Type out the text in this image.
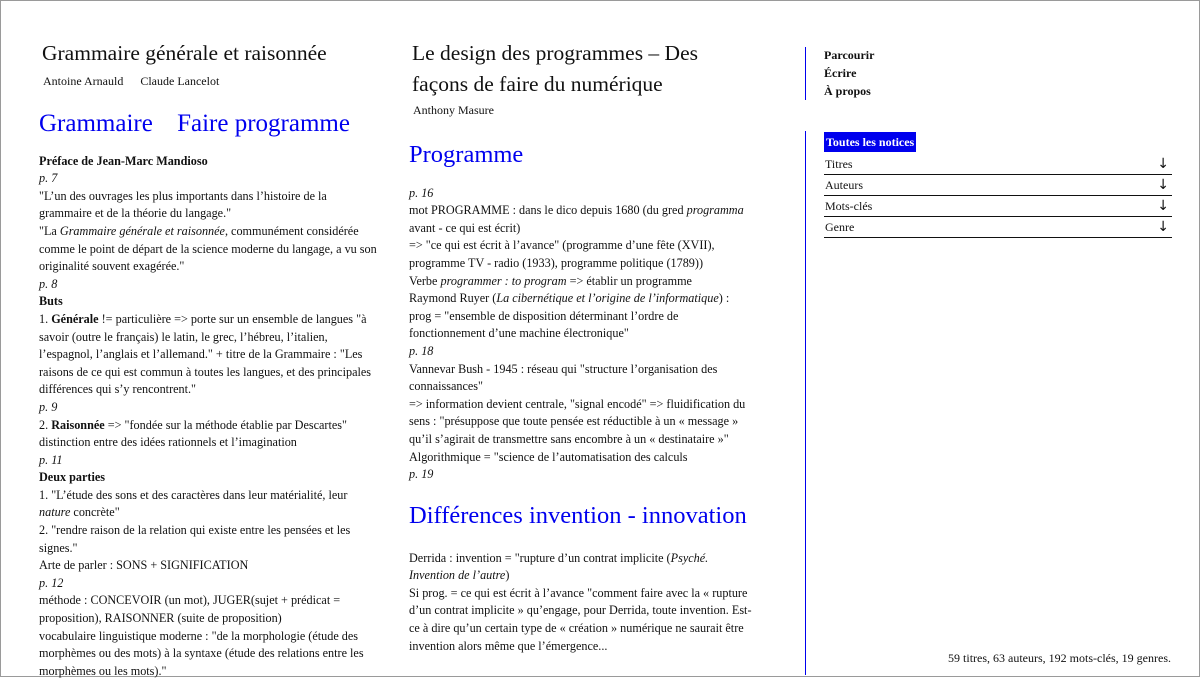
Grammaire générale et raisonnée
Antoine Arnauld Claude Lancelot
Grammaire Faire programme

Préface de Jean-Marc Mandioso

p. 7

"L’un des ouvrages les plus importants dans l’histoire de la grammaire et de la théorie du langage."

"La Grammaire générale et raisonnée, communément considérée comme le point de départ de la science moderne du langage, a vu son originalité souvent exagérée."

p. 8

Buts

1. Générale != particulière => porte sur un ensemble de langues "à savoir (outre le français) le latin, le grec, l’hébreu, l’italien, l’espagnol, l’anglais et l’allemand." + titre de la Grammaire : "Les raisons de ce qui est commun à toutes les langues, et des principales différences qui s’y rencontrent."

p. 9

2. Raisonnée => "fondée sur la méthode établie par Descartes"

distinction entre des idées rationnels et l’imagination

p. 11

Deux parties

1. "L’étude des sons et des caractères dans leur matérialité, leur nature concrète"

2. "rendre raison de la relation qui existe entre les pensées et les signes."

Arte de parler : SONS + SIGNIFICATION

p. 12

méthode : CONCEVOIR (un mot), JUGER(sujet + prédicat = proposition), RAISONNER (suite de proposition)

vocabulaire linguistique moderne : "de la morphologie (étude des morphèmes ou des mots) à la syntaxe (étude des relations entre les morphèmes ou les mots)."

Le design des programmes – Des façons de faire du numérique
Anthony Masure
Programme

p. 16

mot PROGRAMME : dans le dico depuis 1680 (du gred programma avant - ce qui est écrit)

=> "ce qui est écrit à l’avance" (programme d’une fête (XVII), programme TV - radio (1933), programme politique (1789))

Verbe programmer : to program => établir un programme

Raymond Ruyer (La cibernétique et l’origine de l’informatique) :

prog = "ensemble de disposition déterminant l’ordre de fonctionnement d’une machine électronique"

p. 18

Vannevar Bush - 1945 : réseau qui "structure l’organisation des connaissances"

=> information devient centrale, "signal encodé" => fluidification du sens : "présuppose que toute pensée est réductible à un « message » qu’il s’agirait de transmettre sans encombre à un « destinataire »"

Algorithmique = "science de l’automatisation des calculs

p. 19

Différences invention - innovation

Derrida : invention = "rupture d’un contrat implicite (Psyché. Invention de l’autre)

Si prog. = ce qui est écrit à l’avance "comment faire avec la « rupture d’un contrat implicite » qu’engage, pour Derrida, toute invention. Est-ce à dire qu’un certain type de « création » numérique ne saurait être invention alors même que l’émergence...

Parcourir
Écrire
À propos
Toutes les notices
Titres	↓
Auteurs	↓
Mots-clés	↓
Genre	↓
59 titres, 63 auteurs, 192 mots-clés, 19 genres.
